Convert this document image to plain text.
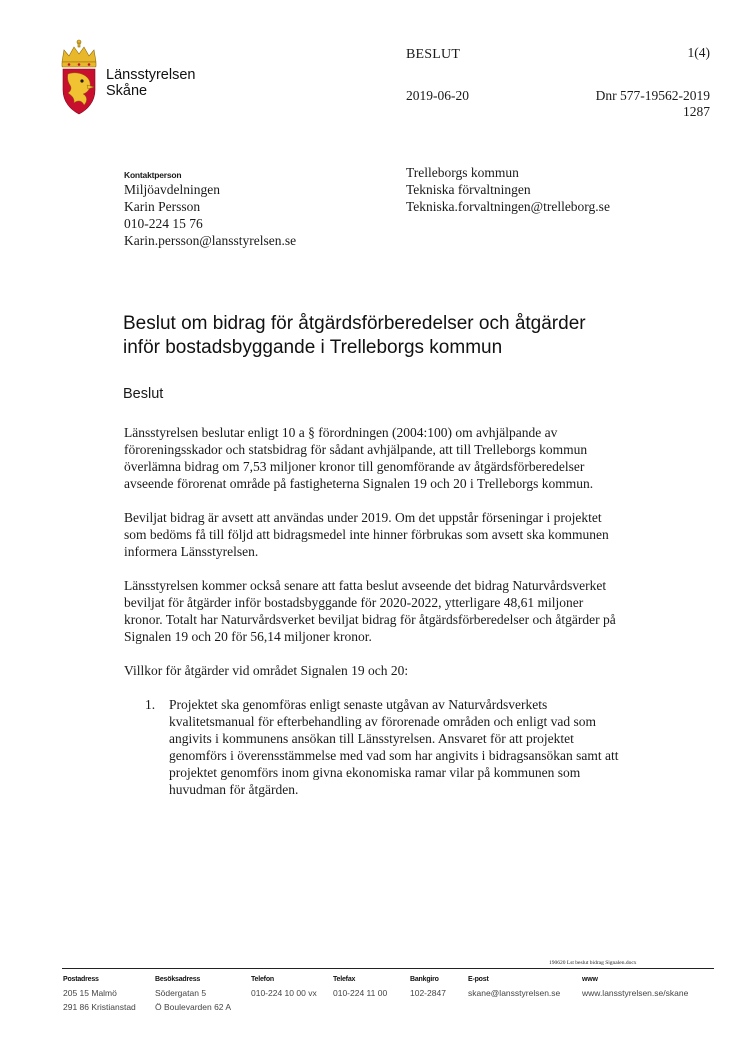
Länsstyrelsen
Skåne
BESLUT	1(4)
2019-06-20	Dnr 577-19562-2019
1287
Kontaktperson
Miljöavdelningen
Karin Persson
010-224 15 76
Karin.persson@lansstyrelsen.se
Trelleborgs kommun
Tekniska förvaltningen
Tekniska.forvaltningen@trelleborg.se
Beslut om bidrag för åtgärdsförberedelser och åtgärder
inför bostadsbyggande i Trelleborgs kommun
Beslut

Länsstyrelsen beslutar enligt 10 a § förordningen (2004:100) om avhjälpande av föroreningsskador och statsbidrag för sådant avhjälpande, att till Trelleborgs kommun överlämna bidrag om 7,53 miljoner kronor till genomförande av åtgärdsförberedelser avseende förorenat område på fastigheterna Signalen 19 och 20 i Trelleborgs kommun.

Beviljat bidrag är avsett att användas under 2019. Om det uppstår förseningar i projektet som bedöms få till följd att bidragsmedel inte hinner förbrukas som avsett ska kommunen informera Länsstyrelsen.

Länsstyrelsen kommer också senare att fatta beslut avseende det bidrag Naturvårdsverket beviljat för åtgärder inför bostadsbyggande för 2020-2022, ytterligare 48,61 miljoner kronor. Totalt har Naturvårdsverket beviljat bidrag för åtgärdsförberedelser och åtgärder på Signalen 19 och 20 för 56,14 miljoner kronor.

Villkor för åtgärder vid området Signalen 19 och 20:

1. Projektet ska genomföras enligt senaste utgåvan av Naturvårdsverkets kvalitetsmanual för efterbehandling av förorenade områden och enligt vad som angivits i kommunens ansökan till Länsstyrelsen. Ansvaret för att projektet genomförs i överensstämmelse med vad som har angivits i bidragsansökan samt att projektet genomförs inom givna ekonomiska ramar vilar på kommunen som huvudman för åtgärden.
190620 Lst beslut bidrag Signalen.docx
Postadress
205 15 Malmö
291 86 Kristianstad
Besöksadress
Södergatan 5
Ö Boulevarden 62 A
Telefon
010-224 10 00 vx
Telefax
010-224 11 00
Bankgiro
102-2847
E-post
skane@lansstyrelsen.se
www
www.lansstyrelsen.se/skane
